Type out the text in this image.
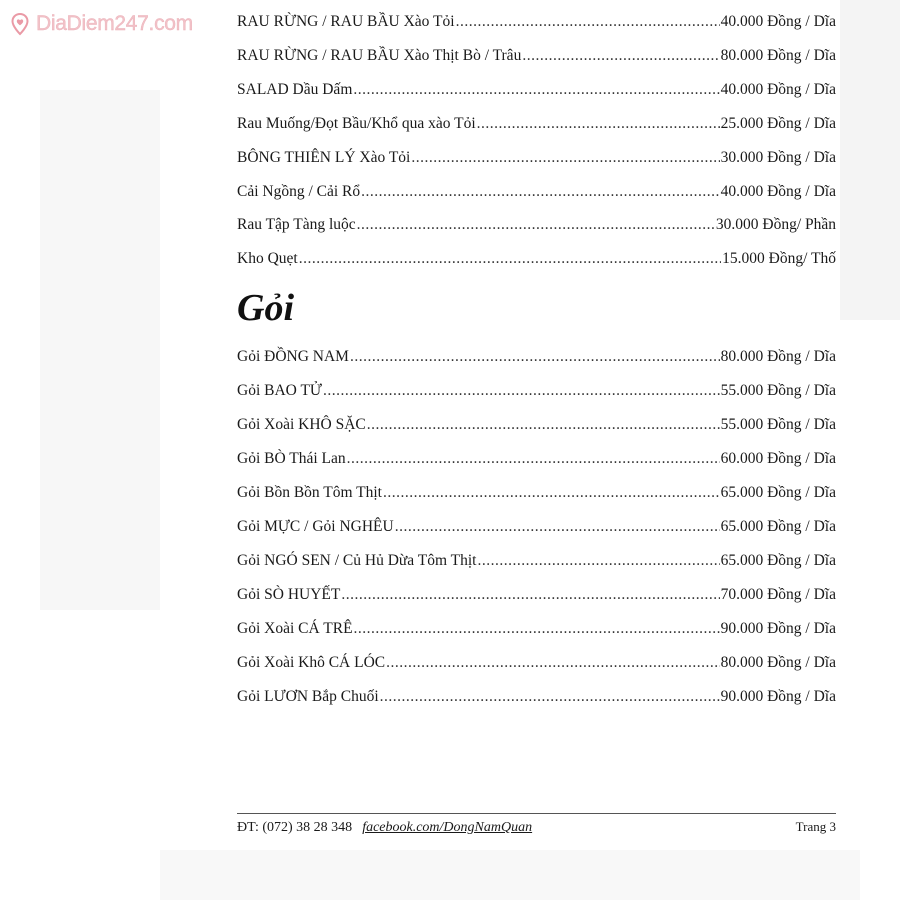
DiaDiem247.com	RAU RỪNG / RAU BẦU Xào Tỏi .....	40.000 Đồng / Dĩa
RAU RỪNG / RAU BẦU Xào Thịt Bò / Trâu .....	80.000 Đồng / Dĩa
SALAD Dầu Dấm .....	40.000 Đồng / Dĩa
Rau Muống/Đọt Bầu/Khổ qua xào Tỏi .....	25.000 Đồng / Dĩa
BÔNG THIÊN LÝ Xào Tỏi .....	30.000 Đồng / Dĩa
Cải Ngồng / Cải Rổ .....	40.000 Đồng / Dĩa
Rau Tập Tàng luộc .....	30.000 Đồng/ Phần
Kho Quẹt .....	15.000 Đồng/ Thố
Gỏi
Gỏi ĐỒNG NAM .....	80.000 Đồng / Dĩa
Gỏi BAO TỬ .....	55.000 Đồng / Dĩa
Gỏi Xoài KHÔ SẶC .....	55.000 Đồng / Dĩa
Gỏi BÒ Thái Lan .....	60.000 Đồng / Dĩa
Gỏi Bồn Bồn Tôm Thịt .....	65.000 Đồng / Dĩa
Gỏi MỰC / Gỏi NGHÊU .....	65.000 Đồng / Dĩa
Gỏi NGÓ SEN / Củ Hủ Dừa Tôm Thịt .....	65.000 Đồng / Dĩa
Gỏi SÒ HUYẾT .....	70.000 Đồng / Dĩa
Gỏi Xoài CÁ TRÊ .....	90.000 Đồng / Dĩa
Gỏi Xoài Khô CÁ LÓC .....	80.000 Đồng / Dĩa
Gỏi LƯƠN Bắp Chuối .....	90.000 Đồng / Dĩa
ĐT: (072) 38 28 348 facebook.com/DongNamQuan	Trang 3
